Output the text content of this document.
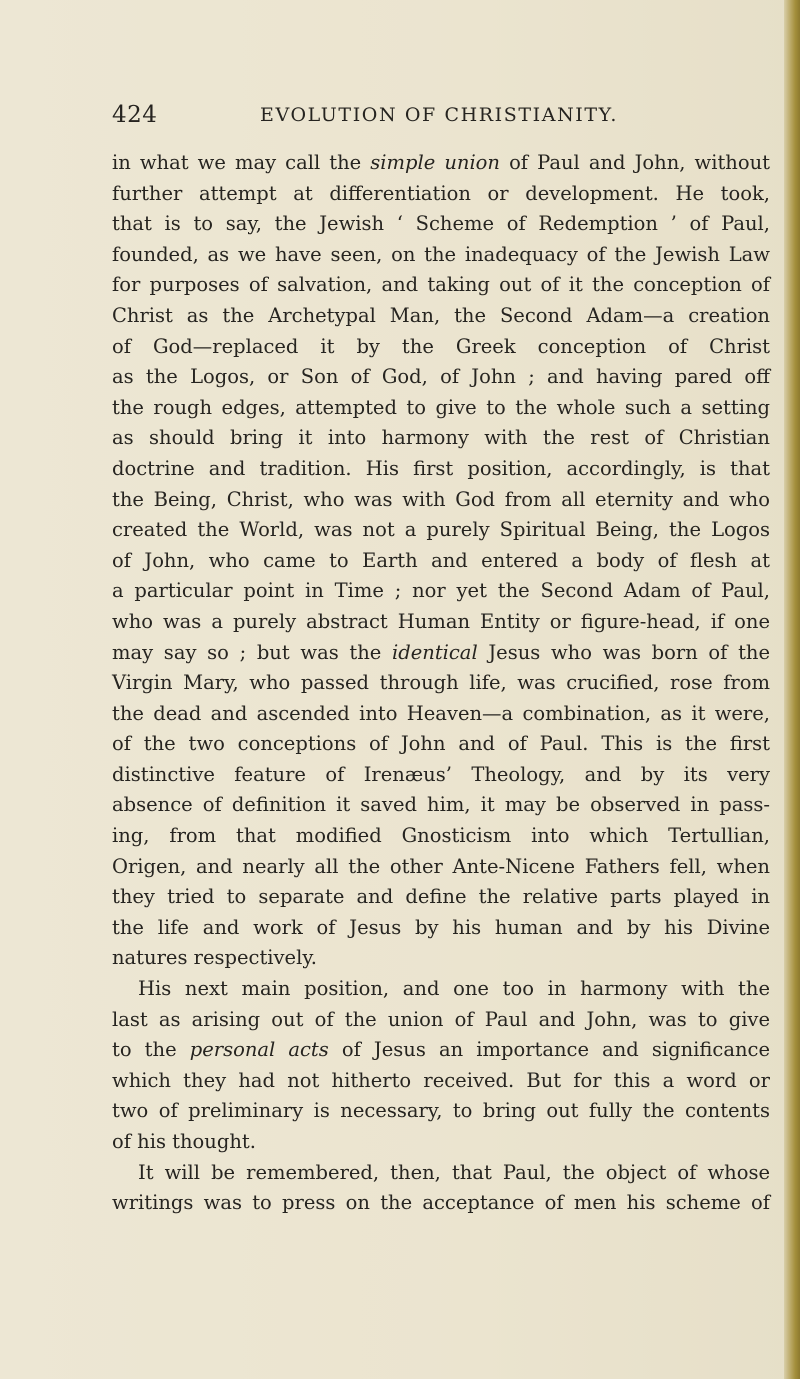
424	EVOLUTION OF CHRISTIANITY.
in what we may call the simple union of Paul and John, without
further attempt at differentiation or development. He took,
that is to say, the Jewish ‘ Scheme of Redemption ’ of Paul,
founded, as we have seen, on the inadequacy of the Jewish Law
for purposes of salvation, and taking out of it the conception of
Christ as the Archetypal Man, the Second Adam—a creation
of God—replaced it by the Greek conception of Christ
as the Logos, or Son of God, of John ; and having pared off
the rough edges, attempted to give to the whole such a setting
as should bring it into harmony with the rest of Christian
doctrine and tradition. His first position, accordingly, is that
the Being, Christ, who was with God from all eternity and who
created the World, was not a purely Spiritual Being, the Logos
of John, who came to Earth and entered a body of flesh at
a particular point in Time ; nor yet the Second Adam of Paul,
who was a purely abstract Human Entity or figure-head, if one
may say so ; but was the identical Jesus who was born of the
Virgin Mary, who passed through life, was crucified, rose from
the dead and ascended into Heaven—a combination, as it were,
of the two conceptions of John and of Paul. This is the first
distinctive feature of Irenæus’ Theology, and by its very
absence of definition it saved him, it may be observed in pass-
ing, from that modified Gnosticism into which Tertullian,
Origen, and nearly all the other Ante-Nicene Fathers fell, when
they tried to separate and define the relative parts played in
the life and work of Jesus by his human and by his Divine
natures respectively.
His next main position, and one too in harmony with the
last as arising out of the union of Paul and John, was to give
to the personal acts of Jesus an importance and significance
which they had not hitherto received. But for this a word or
two of preliminary is necessary, to bring out fully the contents
of his thought.
It will be remembered, then, that Paul, the object of whose
writings was to press on the acceptance of men his scheme of
